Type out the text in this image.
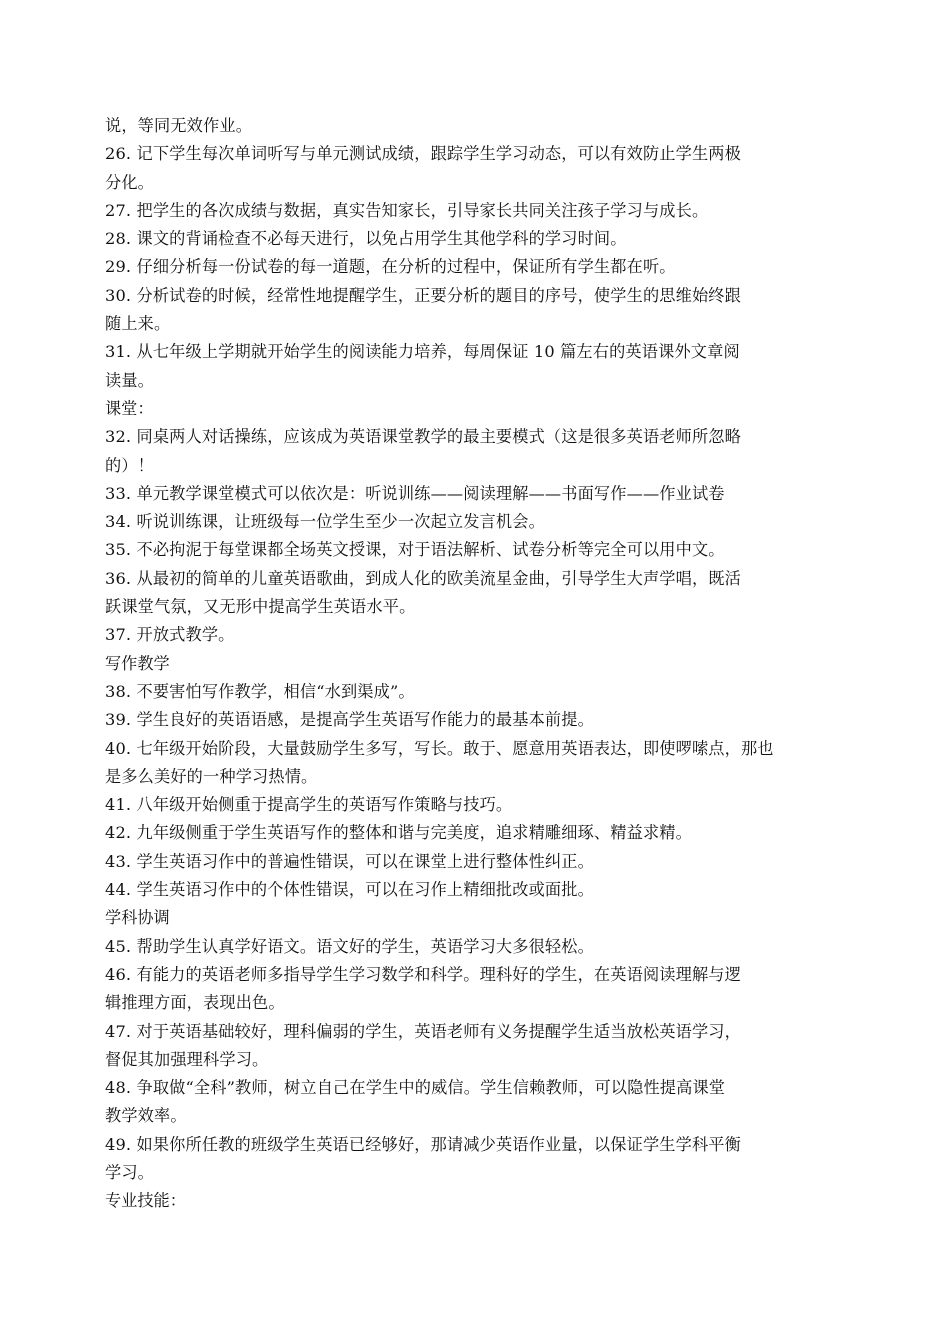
说，等同无效作业。
26. 记下学生每次单词听写与单元测试成绩，跟踪学生学习动态，可以有效防止学生两极
分化。
27. 把学生的各次成绩与数据，真实告知家长，引导家长共同关注孩子学习与成长。
28. 课文的背诵检查不必每天进行，以免占用学生其他学科的学习时间。
29. 仔细分析每一份试卷的每一道题，在分析的过程中，保证所有学生都在听。
30. 分析试卷的时候，经常性地提醒学生，正要分析的题目的序号，使学生的思维始终跟
随上来。
31. 从七年级上学期就开始学生的阅读能力培养，每周保证 10 篇左右的英语课外文章阅
读量。
课堂：
32. 同桌两人对话操练，应该成为英语课堂教学的最主要模式（这是很多英语老师所忽略
的）！
33. 单元教学课堂模式可以依次是：听说训练——阅读理解——书面写作——作业试卷
34. 听说训练课，让班级每一位学生至少一次起立发言机会。
35. 不必拘泥于每堂课都全场英文授课，对于语法解析、试卷分析等完全可以用中文。
36. 从最初的简单的儿童英语歌曲，到成人化的欧美流星金曲，引导学生大声学唱，既活
跃课堂气氛，又无形中提高学生英语水平。
37. 开放式教学。
写作教学
38. 不要害怕写作教学，相信“水到渠成”。
39. 学生良好的英语语感，是提高学生英语写作能力的最基本前提。
40. 七年级开始阶段，大量鼓励学生多写，写长。敢于、愿意用英语表达，即使啰嗦点，那也
是多么美好的一种学习热情。
41. 八年级开始侧重于提高学生的英语写作策略与技巧。
42. 九年级侧重于学生英语写作的整体和谐与完美度，追求精雕细琢、精益求精。
43. 学生英语习作中的普遍性错误，可以在课堂上进行整体性纠正。
44. 学生英语习作中的个体性错误，可以在习作上精细批改或面批。
学科协调
45. 帮助学生认真学好语文。语文好的学生，英语学习大多很轻松。
46. 有能力的英语老师多指导学生学习数学和科学。理科好的学生，在英语阅读理解与逻
辑推理方面，表现出色。
47. 对于英语基础较好，理科偏弱的学生，英语老师有义务提醒学生适当放松英语学习，
督促其加强理科学习。
48. 争取做“全科”教师，树立自己在学生中的威信。学生信赖教师，可以隐性提高课堂
教学效率。
49. 如果你所任教的班级学生英语已经够好，那请减少英语作业量，以保证学生学科平衡
学习。
专业技能：
